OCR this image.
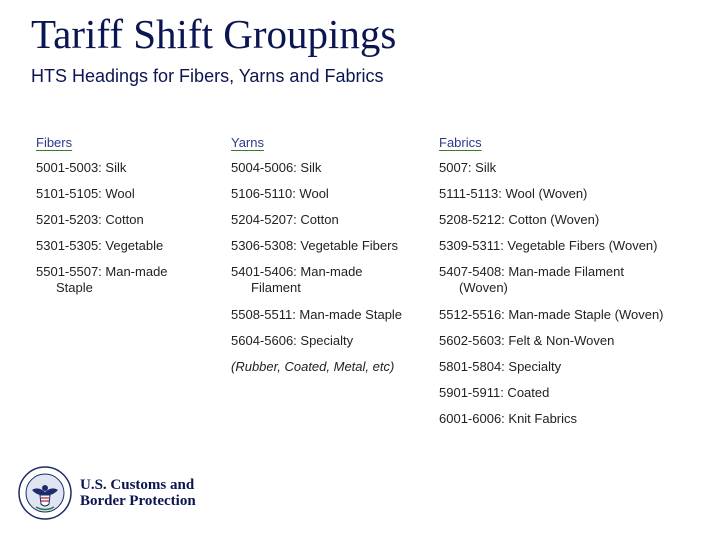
Tariff Shift Groupings
HTS Headings for Fibers, Yarns and Fabrics
Fibers
5001-5003: Silk
5101-5105: Wool
5201-5203: Cotton
5301-5305: Vegetable
5501-5507: Man-made
Staple
Yarns
5004-5006: Silk
5106-5110: Wool
5204-5207: Cotton
5306-5308: Vegetable Fibers
5401-5406: Man-made
Filament
5508-5511: Man-made Staple
5604-5606: Specialty
(Rubber, Coated, Metal, etc)
Fabrics
5007: Silk
5111-5113: Wool (Woven)
5208-5212: Cotton (Woven)
5309-5311: Vegetable Fibers (Woven)
5407-5408: Man-made Filament
(Woven)
5512-5516: Man-made Staple (Woven)
5602-5603: Felt & Non-Woven
5801-5804: Specialty
5901-5911: Coated
6001-6006: Knit Fabrics
U.S. Customs and
Border Protection
